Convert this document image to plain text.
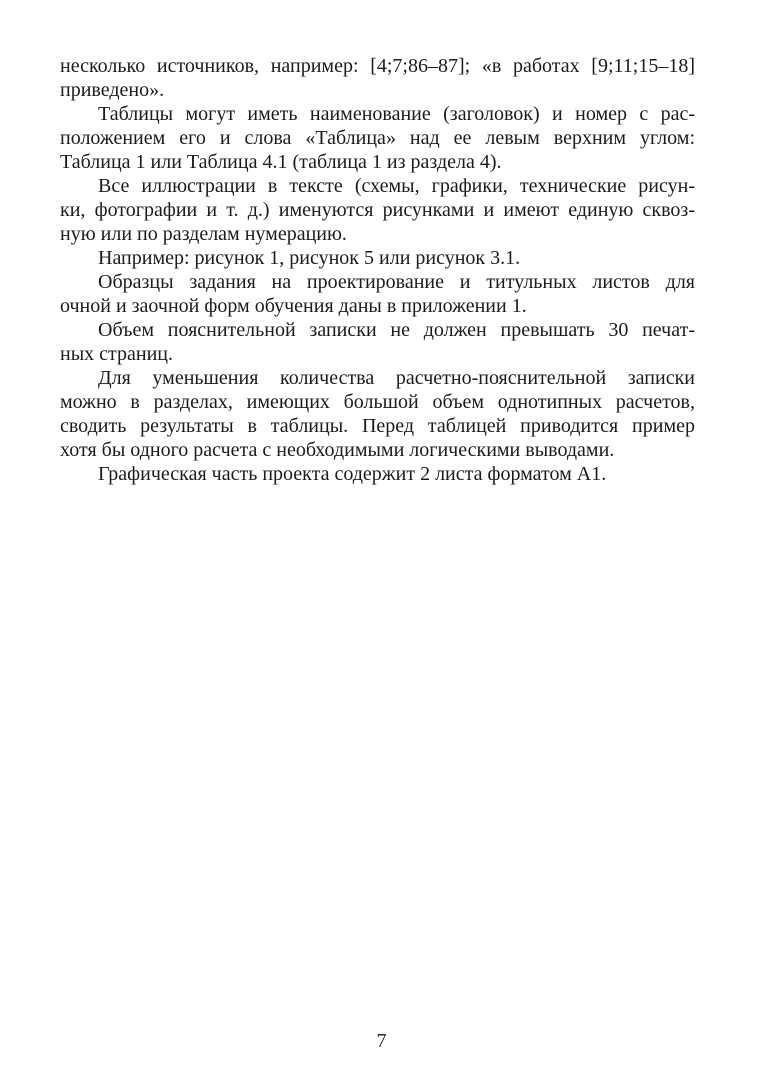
несколько источников, например: [4;7;86–87]; «в работах [9;11;15–18]
приведено».

Таблицы могут иметь наименование (заголовок) и номер с рас-
положением его и слова «Таблица» над ее левым верхним углом:
Таблица 1 или Таблица 4.1 (таблица 1 из раздела 4).

Все иллюстрации в тексте (схемы, графики, технические рисун-
ки, фотографии и т. д.) именуются рисунками и имеют единую сквоз-
ную или по разделам нумерацию.

Например: рисунок 1, рисунок 5 или рисунок 3.1.

Образцы задания на проектирование и титульных листов для
очной и заочной форм обучения даны в приложении 1.

Объем пояснительной записки не должен превышать 30 печат-
ных страниц.

Для уменьшения количества расчетно-пояснительной записки
можно в разделах, имеющих большой объем однотипных расчетов,
сводить результаты в таблицы. Перед таблицей приводится пример
хотя бы одного расчета с необходимыми логическими выводами.

Графическая часть проекта содержит 2 листа форматом А1.

7
